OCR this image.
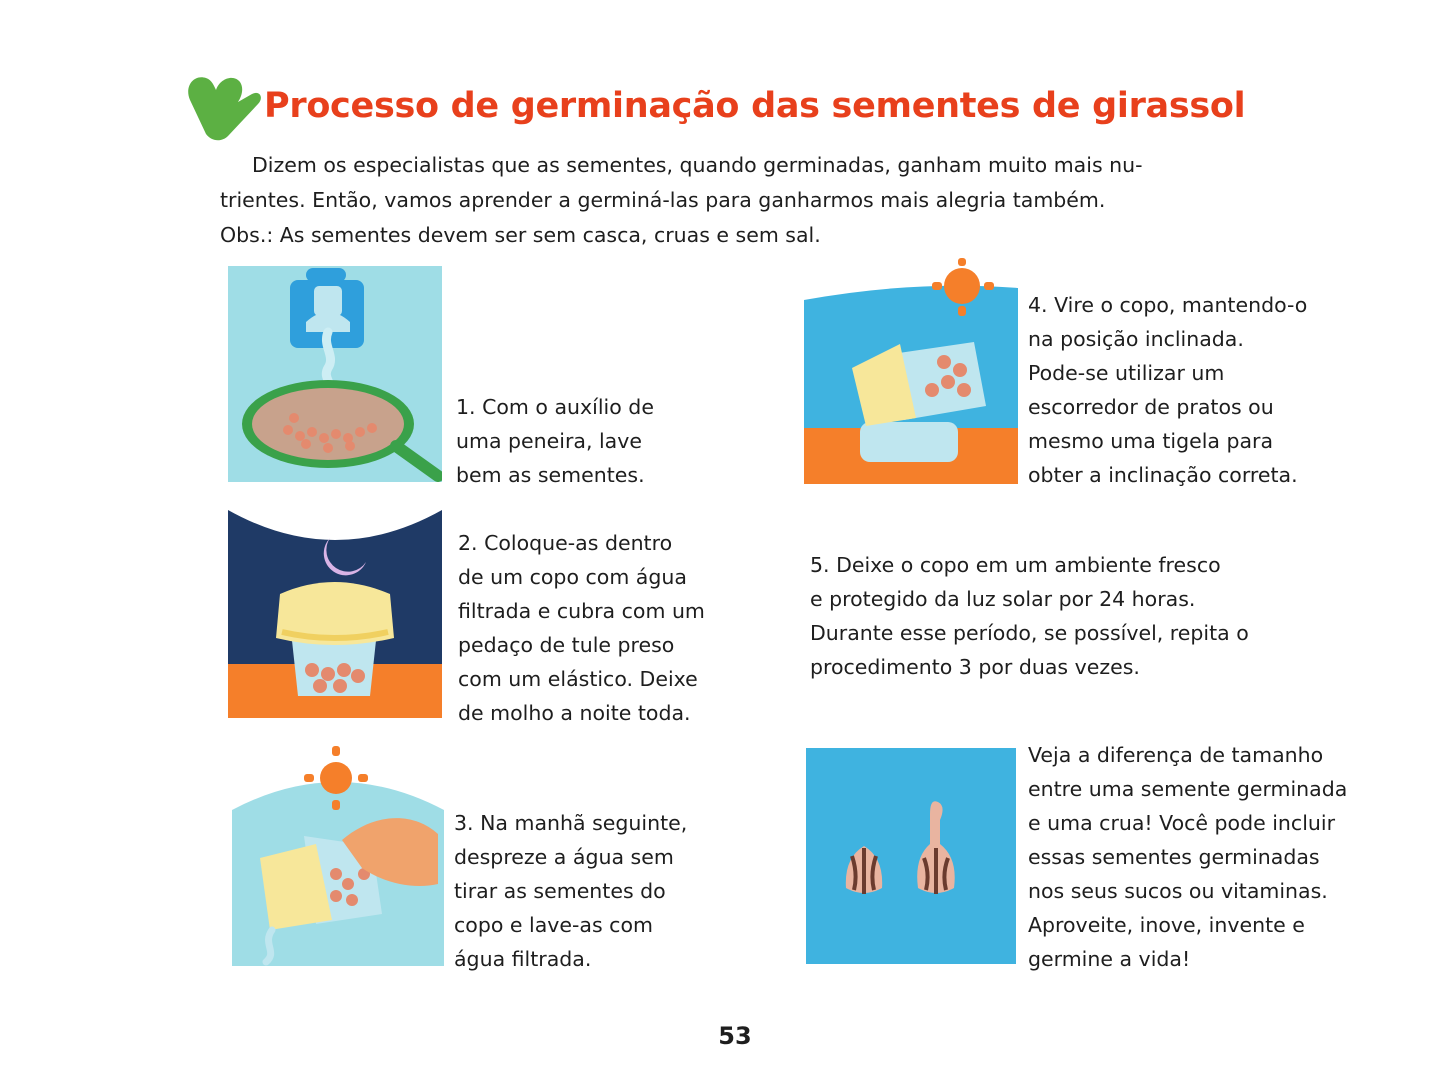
Processo de germinação das sementes de girassol

Dizem os especialistas que as sementes, quando germinadas, ganham muito mais nu-

trientes. Então, vamos aprender a germiná-las para ganharmos mais alegria também.

Obs.: As sementes devem ser sem casca, cruas e sem sal.

1. Com o auxílio de
uma peneira, lave
bem as sementes.
2. Coloque-as dentro
de um copo com água
filtrada e cubra com um
pedaço de tule preso
com um elástico. Deixe
de molho a noite toda.
3. Na manhã seguinte,
despreze a água sem
tirar as sementes do
copo e lave-as com
água filtrada.
4. Vire o copo, mantendo-o
na posição inclinada.
Pode-se utilizar um
escorredor de pratos ou
mesmo uma tigela para
obter a inclinação correta.
5. Deixe o copo em um ambiente fresco
e protegido da luz solar por 24 horas.
Durante esse período, se possível, repita o
procedimento 3 por duas vezes.
Veja a diferença de tamanho
entre uma semente germinada
e uma crua! Você pode incluir
essas sementes germinadas
nos seus sucos ou vitaminas.
Aproveite, inove, invente e
germine a vida!
53
